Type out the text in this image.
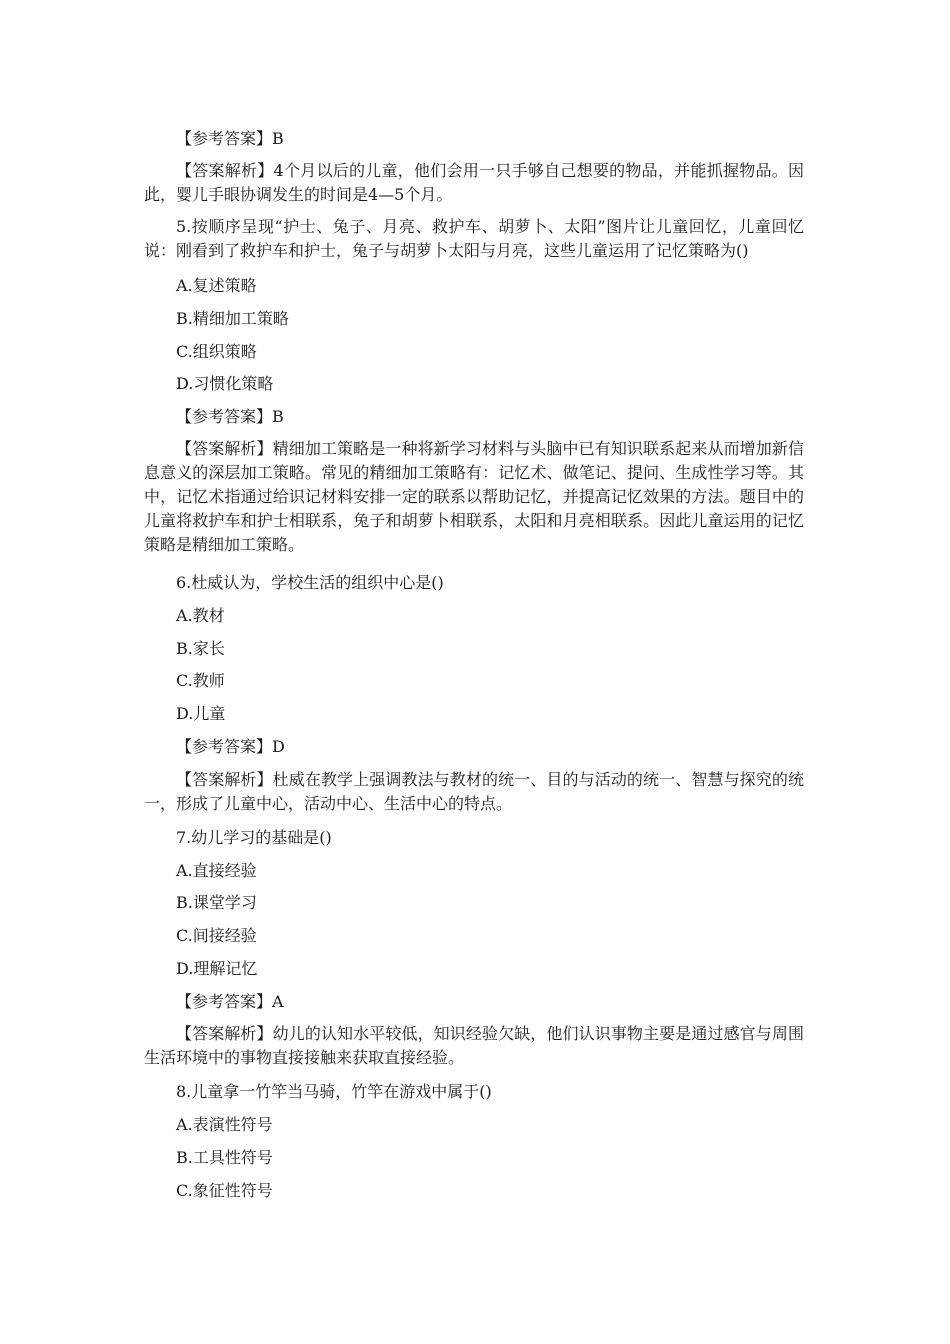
【参考答案】B

【答案解析】4个月以后的儿童，他们会用一只手够自己想要的物品，并能抓握物品。因此，婴儿手眼协调发生的时间是4—5个月。

5.按顺序呈现“护士、兔子、月亮、救护车、胡萝卜、太阳”图片让儿童回忆，儿童回忆说：刚看到了救护车和护士，兔子与胡萝卜太阳与月亮，这些儿童运用了记忆策略为()

A.复述策略

B.精细加工策略

C.组织策略

D.习惯化策略

【参考答案】B

【答案解析】精细加工策略是一种将新学习材料与头脑中已有知识联系起来从而增加新信息意义的深层加工策略。常见的精细加工策略有：记忆术、做笔记、提问、生成性学习等。其中，记忆术指通过给识记材料安排一定的联系以帮助记忆，并提高记忆效果的方法。题目中的儿童将救护车和护士相联系，兔子和胡萝卜相联系，太阳和月亮相联系。因此儿童运用的记忆策略是精细加工策略。

6.杜威认为，学校生活的组织中心是()

A.教材

B.家长

C.教师

D.儿童

【参考答案】D

【答案解析】杜威在教学上强调教法与教材的统一、目的与活动的统一、智慧与探究的统一，形成了儿童中心，活动中心、生活中心的特点。

7.幼儿学习的基础是()

A.直接经验

B.课堂学习

C.间接经验

D.理解记忆

【参考答案】A

【答案解析】幼儿的认知水平较低，知识经验欠缺，他们认识事物主要是通过感官与周围生活环境中的事物直接接触来获取直接经验。

8.儿童拿一竹竿当马骑，竹竿在游戏中属于()

A.表演性符号

B.工具性符号

C.象征性符号
